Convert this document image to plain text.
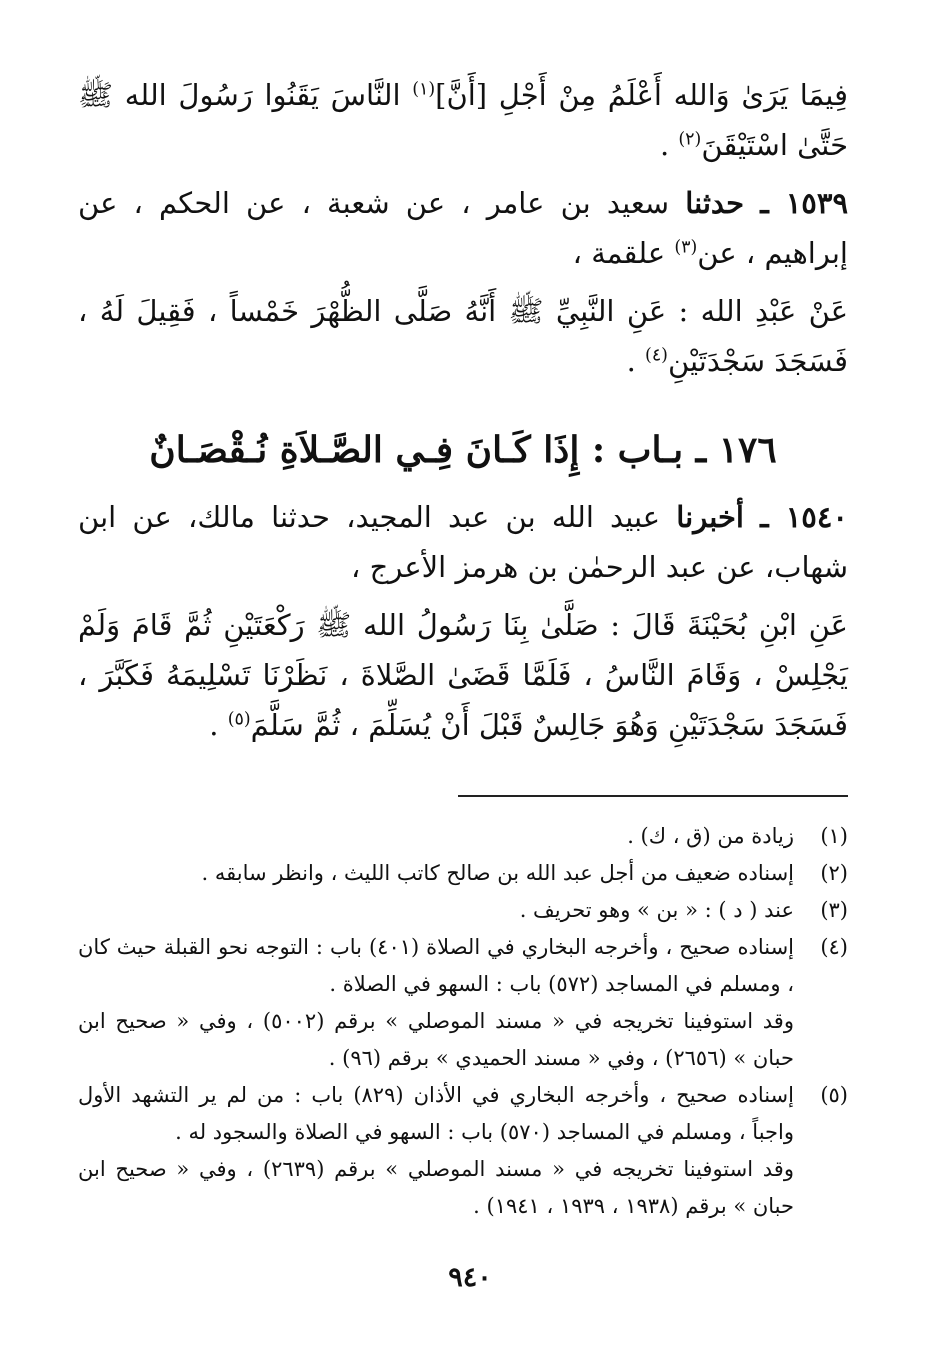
فِيمَا يَرَىٰ وَالله أَعْلَمُ مِنْ أَجْلِ [أَنَّ]$^{(١)}$ النَّاسَ يَقَنُوا رَسُولَ الله ﷺ حَتَّىٰ اسْتَيْقَنَ$^{(٢)}$ .

١٥٣٩ ـ حدثنا سعيد بن عامر ، عن شعبة ، عن الحكم ، عن إبراهيم ، عن$^{(٣)}$ علقمة ،

عَنْ عَبْدِ الله : عَنِ النَّبِيِّ ﷺ أَنَّهُ صَلَّى الظُّهْرَ خَمْساً ، فَقِيلَ لَهُ ، فَسَجَدَ سَجْدَتَيْنِ$^{(٤)}$ .

١٧٦ ـ بـاب : إِذَا كَـانَ فِـي الصَّـلاَةِ نُـقْصَـانٌ

١٥٤٠ ـ أخبرنا عبيد الله بن عبد المجيد، حدثنا مالك، عن ابن شهاب، عن عبد الرحمٰن بن هرمز الأعرج ،

عَنِ ابْنِ بُحَيْنَةَ قَالَ : صَلَّىٰ بِنَا رَسُولُ الله ﷺ رَكْعَتَيْنِ ثُمَّ قَامَ وَلَمْ يَجْلِسْ ، وَقَامَ النَّاسُ ، فَلَمَّا قَضَىٰ الصَّلاةَ ، نَظَرْنَا تَسْلِيمَهُ فَكَبَّرَ ، فَسَجَدَ سَجْدَتَيْنِ وَهُوَ جَالِسٌ قَبْلَ أَنْ يُسَلِّمَ ، ثُمَّ سَلَّمَ$^{(٥)}$ .

(١)
زيادة من (ق ، ك) .
(٢)
إسناده ضعيف من أجل عبد الله بن صالح كاتب الليث ، وانظر سابقه .
(٣)
عند ( د ) : « بن » وهو تحريف .
(٤)
إسناده صحيح ، وأخرجه البخاري في الصلاة (٤٠١) باب : التوجه نحو القبلة حيث كان ، ومسلم في المساجد (٥٧٢) باب : السهو في الصلاة .
وقد استوفينا تخريجه في « مسند الموصلي » برقم (٥٠٠٢) ، وفي « صحيح ابن حبان » (٢٦٥٦) ، وفي « مسند الحميدي » برقم (٩٦) .
(٥)
إسناده صحيح ، وأخرجه البخاري في الأذان (٨٢٩) باب : من لم ير التشهد الأول واجباً ، ومسلم في المساجد (٥٧٠) باب : السهو في الصلاة والسجود له .
وقد استوفينا تخريجه في « مسند الموصلي » برقم (٢٦٣٩) ، وفي « صحيح ابن حبان » برقم (١٩٣٨ ، ١٩٣٩ ، ١٩٤١) .
٩٤٠
